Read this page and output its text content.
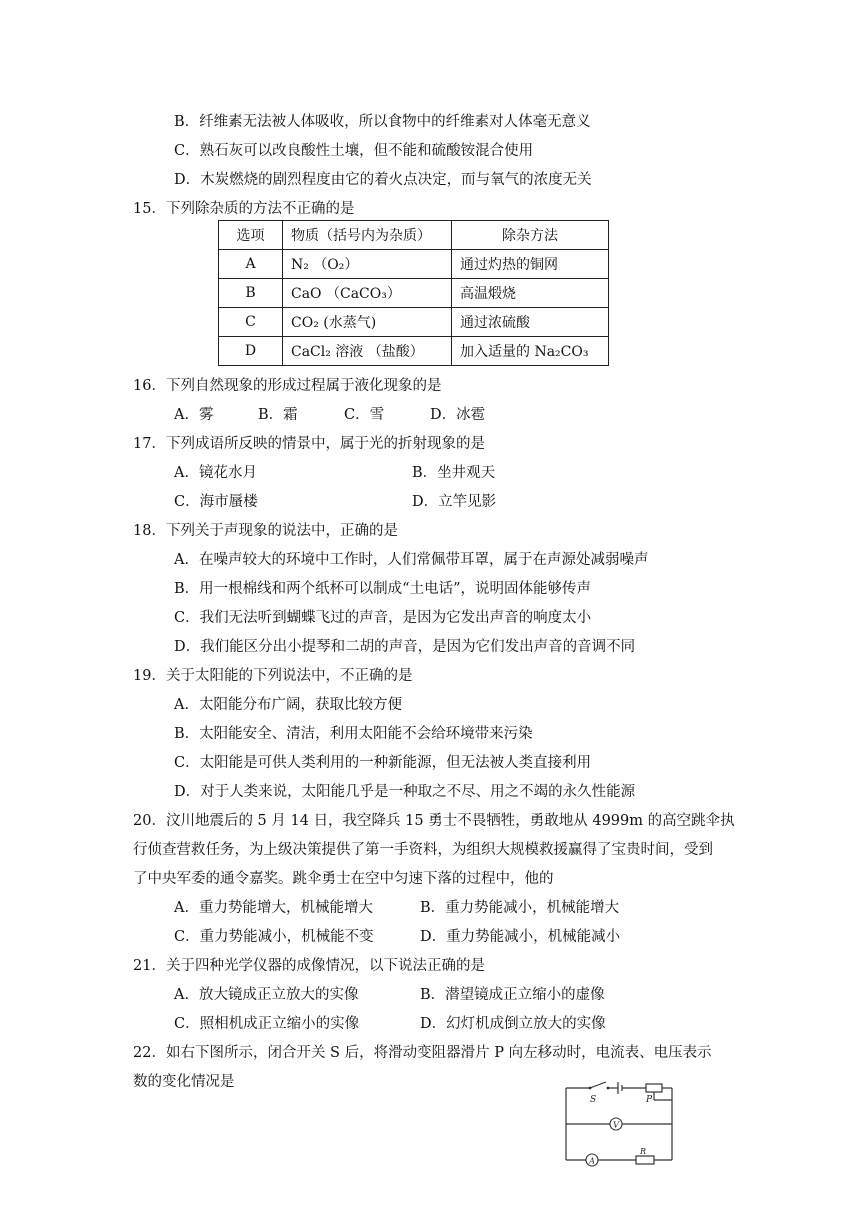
B．纤维素无法被人体吸收，所以食物中的纤维素对人体毫无意义
C．熟石灰可以改良酸性土壤，但不能和硫酸铵混合使用
D．木炭燃烧的剧烈程度由它的着火点决定，而与氧气的浓度无关
15．下列除杂质的方法不正确的是
选项	物质（括号内为杂质）	除杂方法
A	N₂ （O₂）	通过灼热的铜网
B	CaO （CaCO₃）	高温煅烧
C	CO₂ (水蒸气)	通过浓硫酸
D	CaCl₂ 溶液 （盐酸）	加入适量的 Na₂CO₃
16．下列自然现象的形成过程属于液化现象的是
A．雾	B．霜	C．雪	D．冰雹
17．下列成语所反映的情景中，属于光的折射现象的是
A．镜花水月	B．坐井观天
C．海市蜃楼	D．立竿见影
18．下列关于声现象的说法中，正确的是
A．在噪声较大的环境中工作时，人们常佩带耳罩，属于在声源处减弱噪声
B．用一根棉线和两个纸杯可以制成“土电话”，说明固体能够传声
C．我们无法听到蝴蝶飞过的声音，是因为它发出声音的响度太小
D．我们能区分出小提琴和二胡的声音，是因为它们发出声音的音调不同
19．关于太阳能的下列说法中，不正确的是
A．太阳能分布广阔，获取比较方便
B．太阳能安全、清洁，利用太阳能不会给环境带来污染
C．太阳能是可供人类利用的一种新能源，但无法被人类直接利用
D．对于人类来说，太阳能几乎是一种取之不尽、用之不竭的永久性能源
20．汶川地震后的 5 月 14 日，我空降兵 15 勇士不畏牺牲，勇敢地从 4999m 的高空跳伞执
行侦查营救任务，为上级决策提供了第一手资料，为组织大规模救援赢得了宝贵时间，受到
了中央军委的通令嘉奖。跳伞勇士在空中匀速下落的过程中，他的
A．重力势能增大，机械能增大	B．重力势能减小，机械能增大
C．重力势能减小，机械能不变	D．重力势能减小，机械能减小
21．关于四种光学仪器的成像情况，以下说法正确的是
A．放大镜成正立放大的实像	B．潜望镜成正立缩小的虚像
C．照相机成正立缩小的实像	D．幻灯机成倒立放大的实像
22．如右下图所示，闭合开关 S 后，将滑动变阻器滑片 P 向左移动时，电流表、电压表示
数的变化情况是
V
A
S	P
R
